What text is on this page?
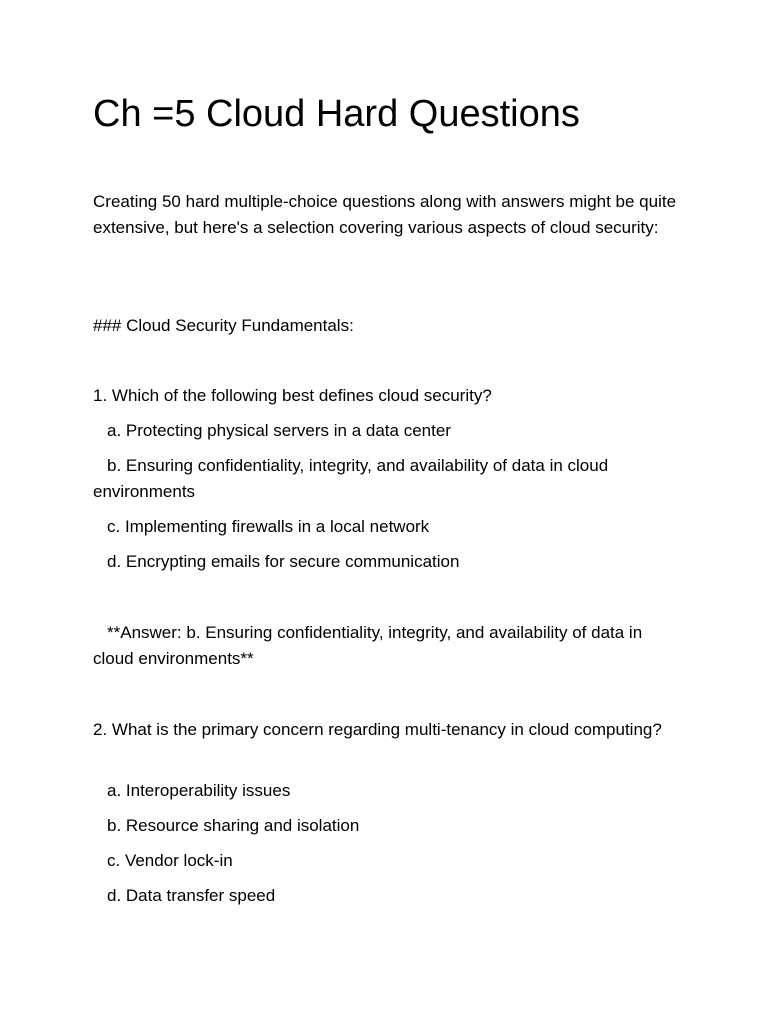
Ch =5 Cloud Hard Questions

Creating 50 hard multiple-choice questions along with answers might be quite extensive, but here's a selection covering various aspects of cloud security:

### Cloud Security Fundamentals:

1. Which of the following best defines cloud security?

a. Protecting physical servers in a data center

b. Ensuring confidentiality, integrity, and availability of data in cloud environments

c. Implementing firewalls in a local network

d. Encrypting emails for secure communication

**Answer: b. Ensuring confidentiality, integrity, and availability of data in cloud environments**

2. What is the primary concern regarding multi-tenancy in cloud computing?

a. Interoperability issues

b. Resource sharing and isolation

c. Vendor lock-in

d. Data transfer speed
